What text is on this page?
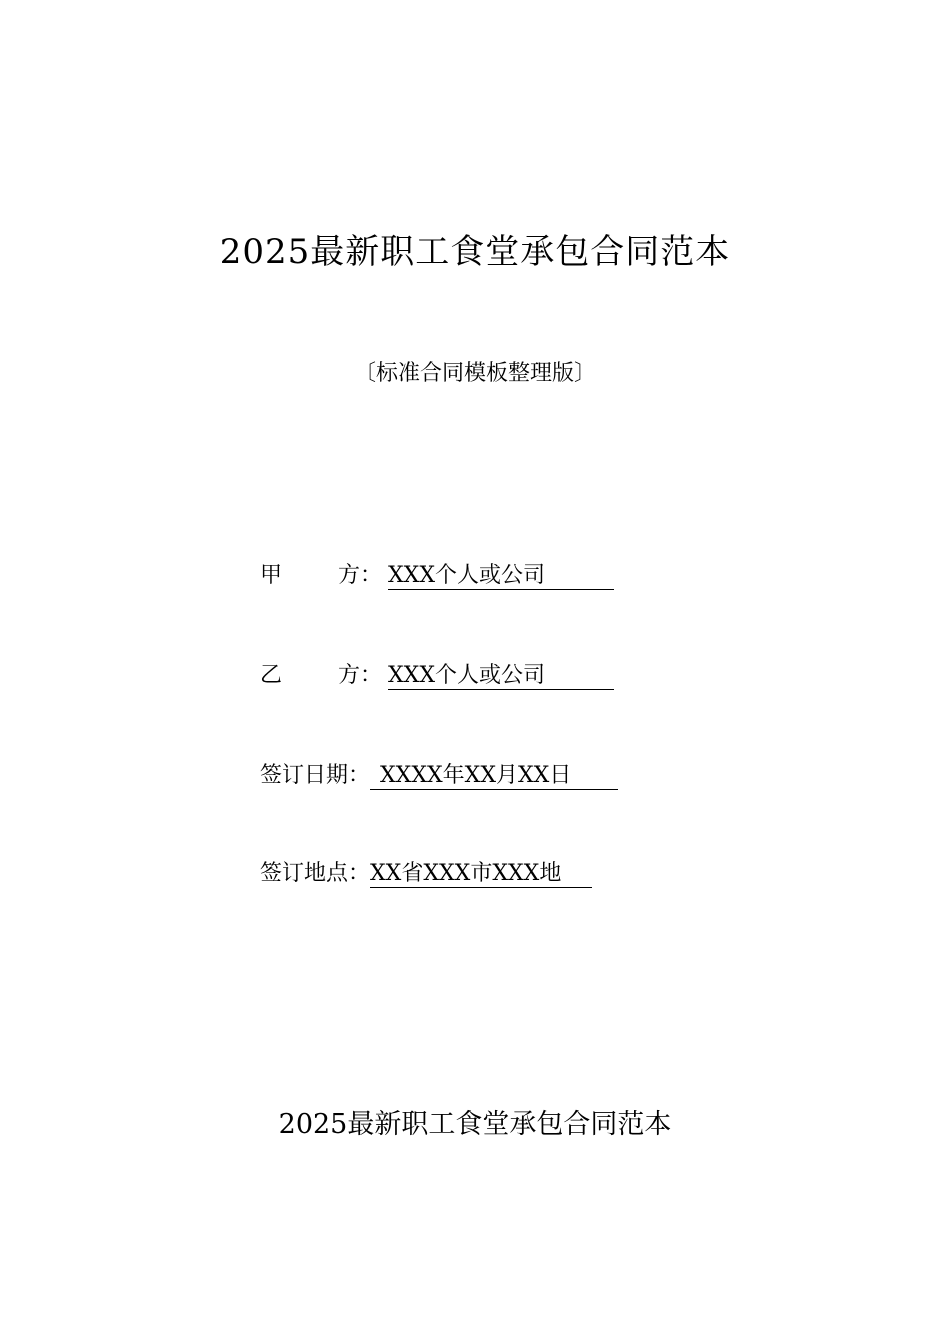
2025最新职工食堂承包合同范本
〔标准合同模板整理版〕
甲	方： XXX个人或公司
乙	方： XXX个人或公司
签订日期： XXXX年XX月XX日
签订地点：XX省XXX市XXX地
2025最新职工食堂承包合同范本
